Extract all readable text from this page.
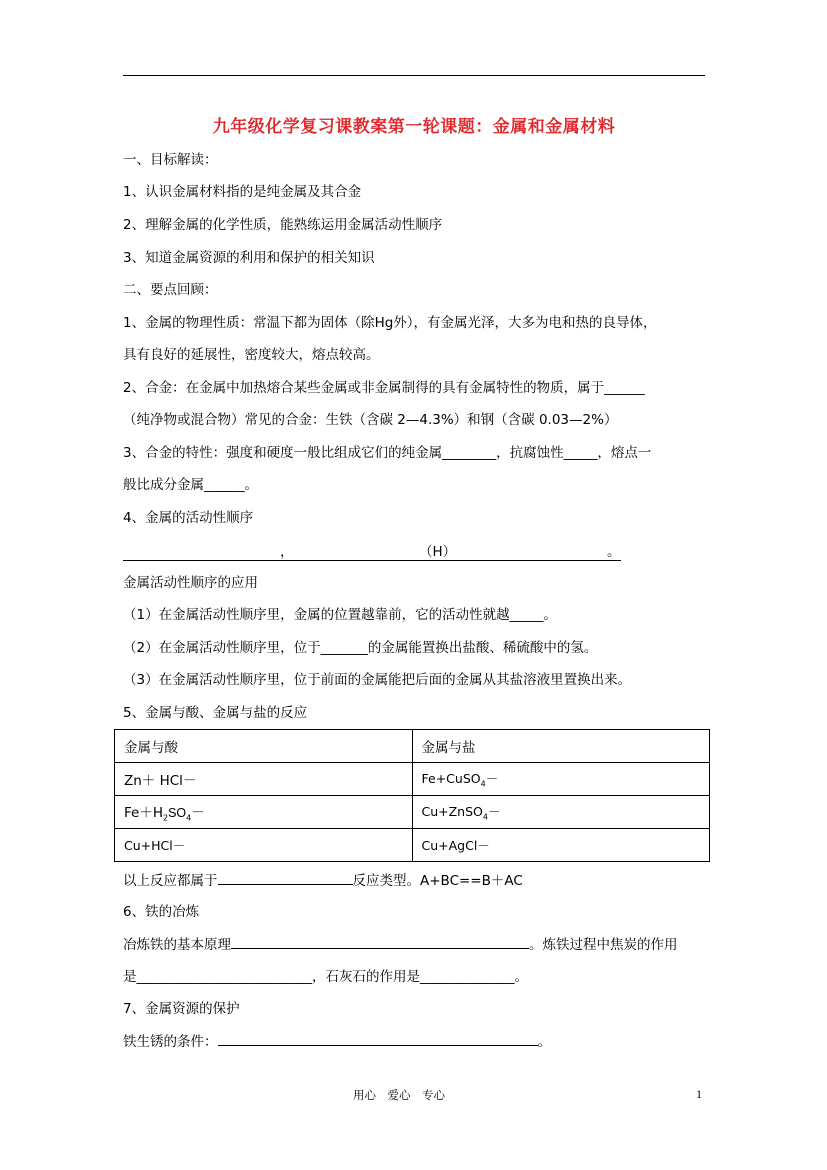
九年级化学复习课教案第一轮课题：金属和金属材料
一、目标解读：
1、认识金属材料指的是纯金属及其合金
2、理解金属的化学性质，能熟练运用金属活动性顺序
3、知道金属资源的利用和保护的相关知识
二、要点回顾：
1、金属的物理性质：常温下都为固体（除Hg外），有金属光泽，大多为电和热的良导体，
具有良好的延展性，密度较大，熔点较高。
2、合金：在金属中加热熔合某些金属或非金属制得的具有金属特性的物质，属于______
（纯净物或混合物）常见的合金：生铁（含碳 2—4.3%）和钢（含碳 0.03—2%）
3、合金的特性：强度和硬度一般比组成它们的纯金属________，抗腐蚀性_____，熔点一
般比成分金属______。
4、金属的活动性顺序
，	（H）	。
金属活动性顺序的应用
（1）在金属活动性顺序里，金属的位置越靠前，它的活动性就越_____。
（2）在金属活动性顺序里，位于_______的金属能置换出盐酸、稀硫酸中的氢。
（3）在金属活动性顺序里，位于前面的金属能把后面的金属从其盐溶液里置换出来。
5、金属与酸、金属与盐的反应
金属与酸	金属与盐
Zn＋ HCl－	Fe+CuSO$_4$－
$Fe+H_2SO_4-$	Cu+ZnSO$_4$－
Cu+HCl－	Cu+AgCl－
以上反应都属于	反应类型。A+BC==B＋AC
6、铁的冶炼
冶炼铁的基本原理	。炼铁过程中焦炭的作用
是__________________________，石灰石的作用是______________。
7、金属资源的保护
铁生锈的条件：	。
用心　爱心　专心	1
